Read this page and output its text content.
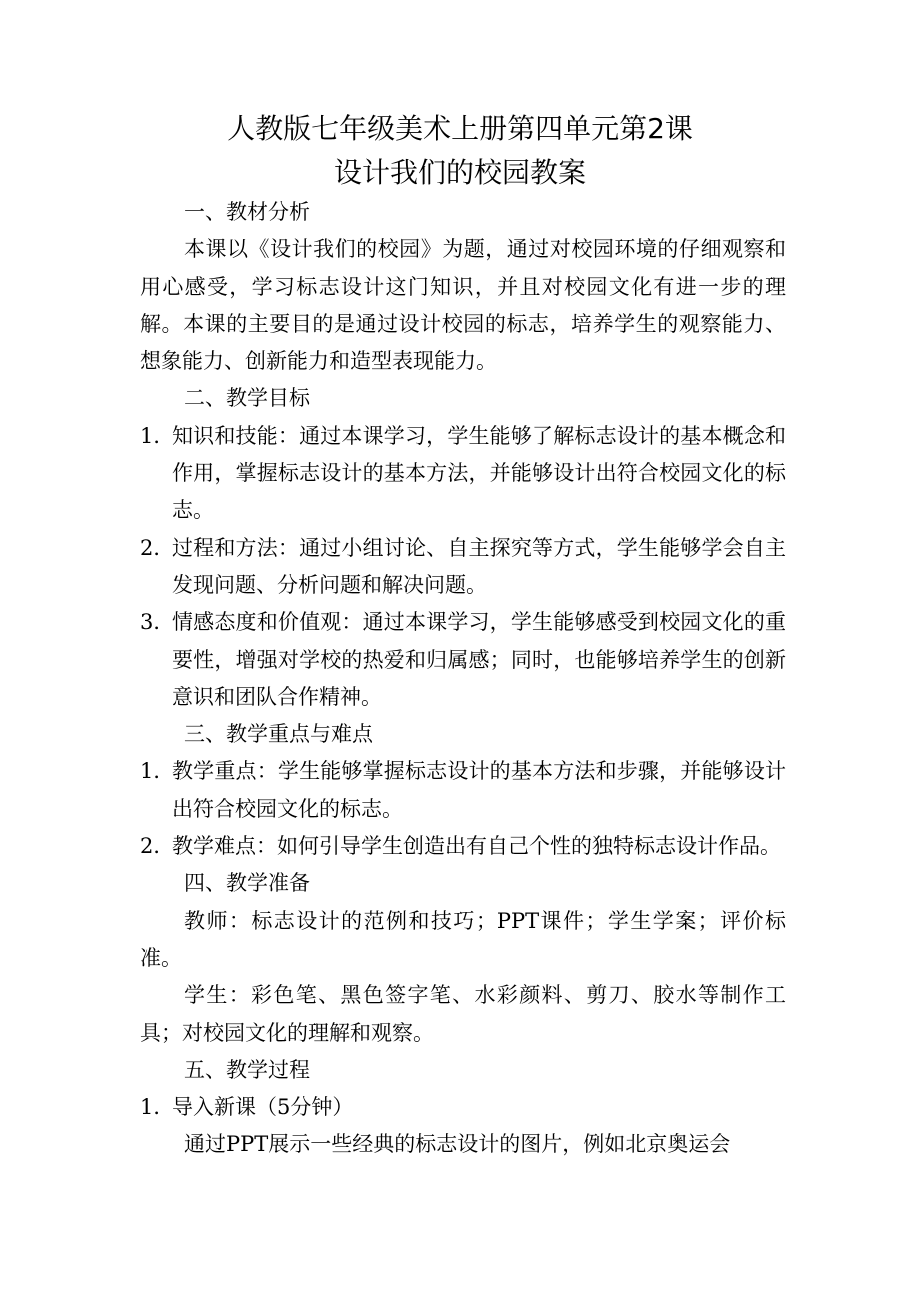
人教版七年级美术上册第四单元第2课
设计我们的校园教案

一、教材分析

本课以《设计我们的校园》为题，通过对校园环境的仔细观察和用心感受，学习标志设计这门知识，并且对校园文化有进一步的理解。本课的主要目的是通过设计校园的标志，培养学生的观察能力、想象能力、创新能力和造型表现能力。

二、教学目标

1．
知识和技能：通过本课学习，学生能够了解标志设计的基本概念和作用，掌握标志设计的基本方法，并能够设计出符合校园文化的标志。

2．
过程和方法：通过小组讨论、自主探究等方式，学生能够学会自主发现问题、分析问题和解决问题。

3．
情感态度和价值观：通过本课学习，学生能够感受到校园文化的重要性，增强对学校的热爱和归属感；同时，也能够培养学生的创新意识和团队合作精神。

三、教学重点与难点

1．
教学重点：学生能够掌握标志设计的基本方法和步骤，并能够设计出符合校园文化的标志。

2．
教学难点：如何引导学生创造出有自己个性的独特标志设计作品。

四、教学准备

教师：标志设计的范例和技巧；PPT课件；学生学案；评价标准。

学生：彩色笔、黑色签字笔、水彩颜料、剪刀、胶水等制作工具；对校园文化的理解和观察。

五、教学过程

1．
导入新课（5分钟）

通过PPT展示一些经典的标志设计的图片，例如北京奥运会
